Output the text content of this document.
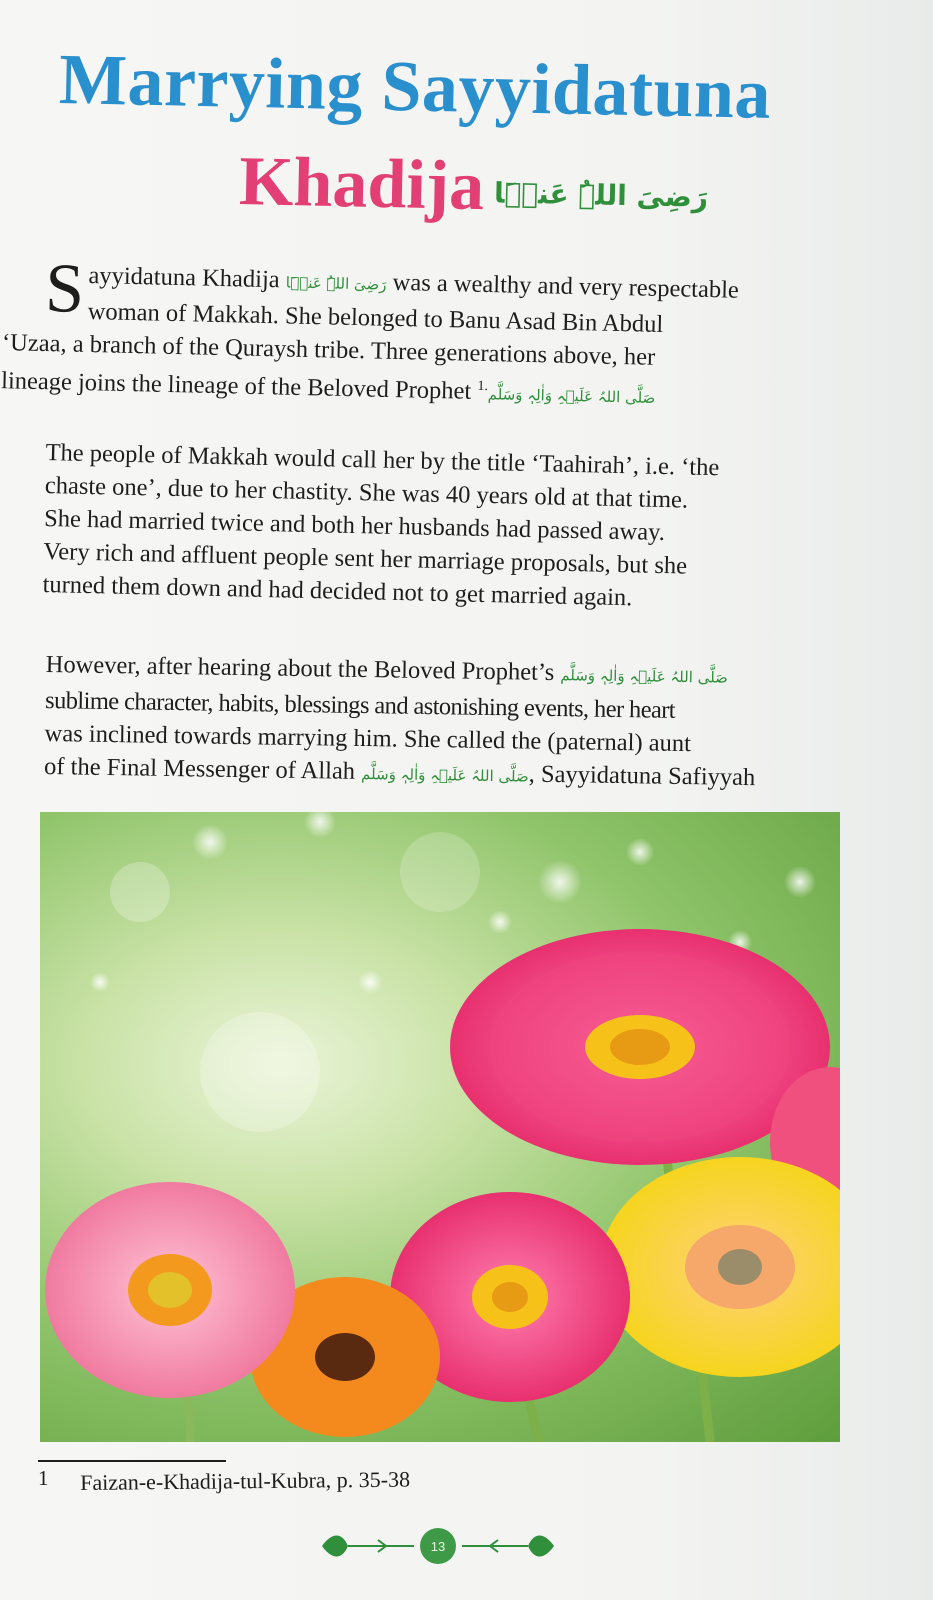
Marrying Sayyidatuna
Khadija رَضِیَ اللہُ عَنۡہَا
S ayyidatuna Khadija رَضِیَ اللہُ عَنۡہَا was a wealthy and very respectable
woman of Makkah. She belonged to Banu Asad Bin Abdul
‘Uzaa, a branch of the Quraysh tribe. Three generations above, her
lineage joins the lineage of the Beloved Prophet صَلَّی اللہُ عَلَیۡہِ وَاٰلِہٖ وَسَلَّم$^{.1}$
The people of Makkah would call her by the title ‘Taahirah’, i.e. ‘the
chaste one’, due to her chastity. She was 40 years old at that time.
She had married twice and both her husbands had passed away.
Very rich and affluent people sent her marriage proposals, but she
turned them down and had decided not to get married again.
However, after hearing about the Beloved Prophet’s صَلَّی اللہُ عَلَیۡہِ وَاٰلِہٖ وَسَلَّم
sublime character, habits, blessings and astonishing events, her heart
was inclined towards marrying him. She called the (paternal) aunt
of the Final Messenger of Allah صَلَّی اللہُ عَلَیۡہِ وَاٰلِہٖ وَسَلَّم, Sayyidatuna Safiyyah
1 Faizan-e-Khadija-tul-Kubra, p. 35-38
13
